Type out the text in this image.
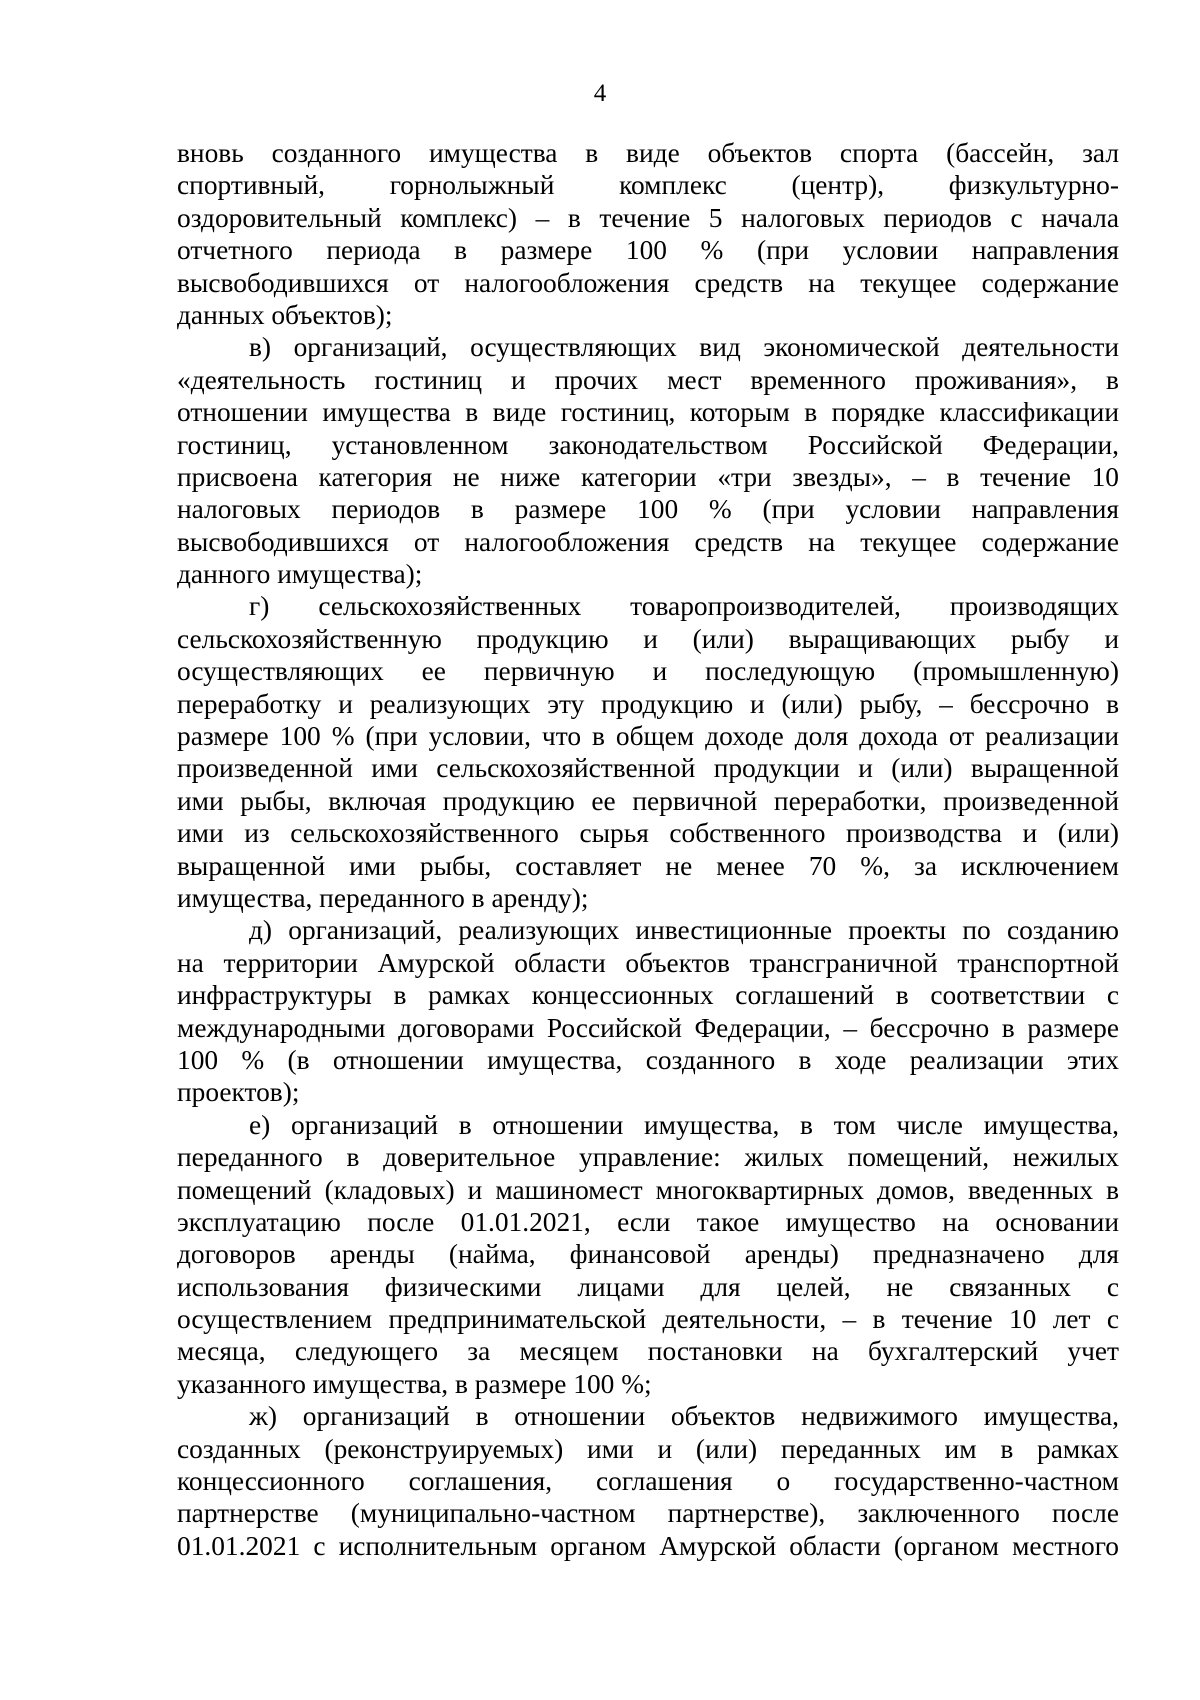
4
вновь созданного имущества в виде объектов спорта (бассейн, зал
спортивный, горнолыжный комплекс (центр), физкультурно-
оздоровительный комплекс) – в течение 5 налоговых периодов с начала
отчетного периода в размере 100 % (при условии направления
высвободившихся от налогообложения средств на текущее содержание
данных объектов);
в) организаций, осуществляющих вид экономической деятельности
«деятельность гостиниц и прочих мест временного проживания», в
отношении имущества в виде гостиниц, которым в порядке классификации
гостиниц, установленном законодательством Российской Федерации,
присвоена категория не ниже категории «три звезды», – в течение 10
налоговых периодов в размере 100 % (при условии направления
высвободившихся от налогообложения средств на текущее содержание
данного имущества);
г) сельскохозяйственных товаропроизводителей, производящих
сельскохозяйственную продукцию и (или) выращивающих рыбу и
осуществляющих ее первичную и последующую (промышленную)
переработку и реализующих эту продукцию и (или) рыбу, – бессрочно в
размере 100 % (при условии, что в общем доходе доля дохода от реализации
произведенной ими сельскохозяйственной продукции и (или) выращенной
ими рыбы, включая продукцию ее первичной переработки, произведенной
ими из сельскохозяйственного сырья собственного производства и (или)
выращенной ими рыбы, составляет не менее 70 %, за исключением
имущества, переданного в аренду);
д) организаций, реализующих инвестиционные проекты по созданию
на территории Амурской области объектов трансграничной транспортной
инфраструктуры в рамках концессионных соглашений в соответствии с
международными договорами Российской Федерации, – бессрочно в размере
100 % (в отношении имущества, созданного в ходе реализации этих
проектов);
е) организаций в отношении имущества, в том числе имущества,
переданного в доверительное управление: жилых помещений, нежилых
помещений (кладовых) и машиномест многоквартирных домов, введенных в
эксплуатацию после 01.01.2021, если такое имущество на основании
договоров аренды (найма, финансовой аренды) предназначено для
использования физическими лицами для целей, не связанных с
осуществлением предпринимательской деятельности, – в течение 10 лет с
месяца, следующего за месяцем постановки на бухгалтерский учет
указанного имущества, в размере 100 %;
ж) организаций в отношении объектов недвижимого имущества,
созданных (реконструируемых) ими и (или) переданных им в рамках
концессионного соглашения, соглашения о государственно-частном
партнерстве (муниципально-частном партнерстве), заключенного после
01.01.2021 с исполнительным органом Амурской области (органом местного
